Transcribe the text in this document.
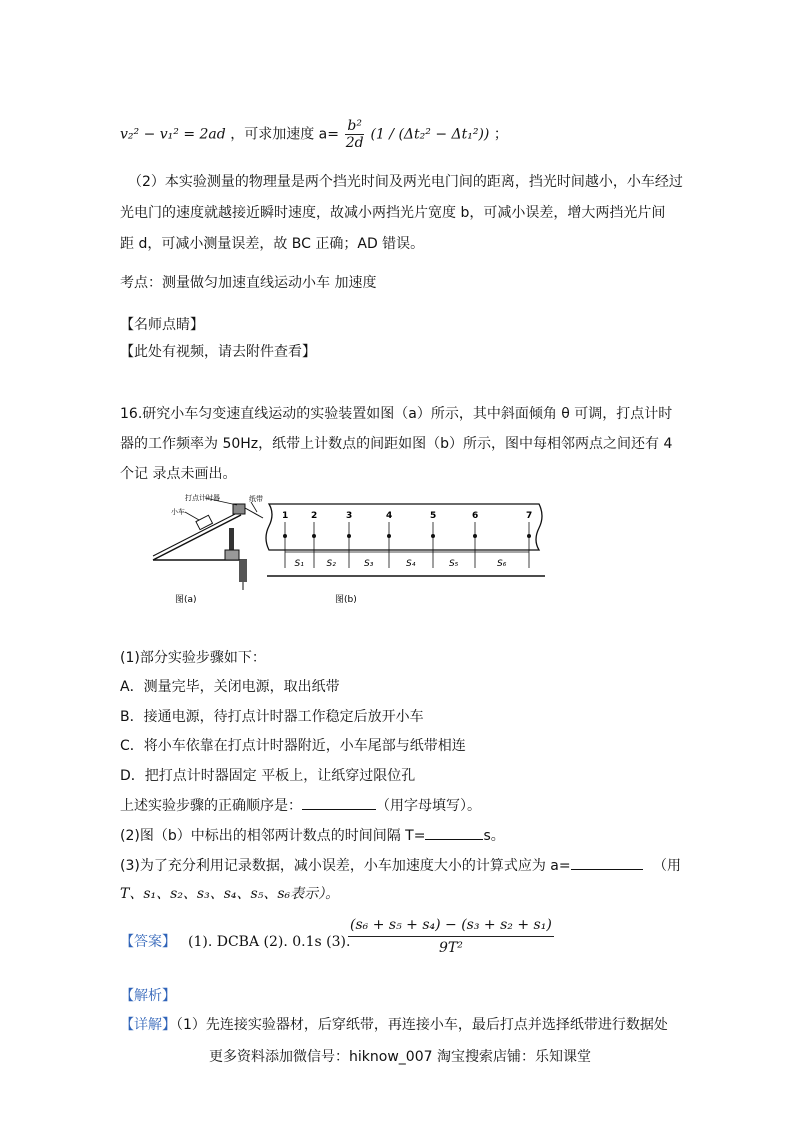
v₂² − v₁² = 2ad ，可求加速度 $a= \frac{\text{b²}}{2d} (1 / (\Delta t_2^2 - \Delta t_1^2))$ ；
（2）本实验测量的物理量是两个挡光时间及两光电门间的距离，挡光时间越小，小车经过
光电门的速度就越接近瞬时速度，故减小两挡光片宽度 b，可减小误差，增大两挡光片间
距 d，可减小测量误差，故 BC 正确；AD 错误。
考点：测量做匀加速直线运动小车 加速度
【名师点睛】
【此处有视频，请去附件查看】
16.研究小车匀变速直线运动的实验装置如图（a）所示，其中斜面倾角 θ 可调，打点计时
器的工作频率为 50Hz，纸带上计数点的间距如图（b）所示，图中每相邻两点之间还有 4
个记 录点未画出。
打点计时器
小车
纸带
图(a)	图(b)
1	2	3	4	5	6	7
S₁	S₂	S₃	S₄	S₅	S₆
(1)部分实验步骤如下：
A．测量完毕，关闭电源，取出纸带
B．接通电源，待打点计时器工作稳定后放开小车
C．将小车依靠在打点计时器附近，小车尾部与纸带相连
D．把打点计时器固定 平板上，让纸穿过限位孔
上述实验步骤的正确顺序是：	（用字母填写）。
(2)图（b）中标出的相邻两计数点的时间间隔 T=	s。
(3)为了充分利用记录数据，减小误差，小车加速度大小的计算式应为 a=	（用
T、s₁、s₂、s₃、s₄、s₅、s₆表示）。
【答案】 (1). DCBA (2). 0.1s (3).
$\frac{\text{(s₆ + s₅ + s₄) − (s₃ + s₂ + s₁)}}{\text{9T²}}$
【解析】
【详解】（1）先连接实验器材，后穿纸带，再连接小车，最后打点并选择纸带进行数据处
更多资料添加微信号：hiknow_007 淘宝搜索店铺：乐知课堂
